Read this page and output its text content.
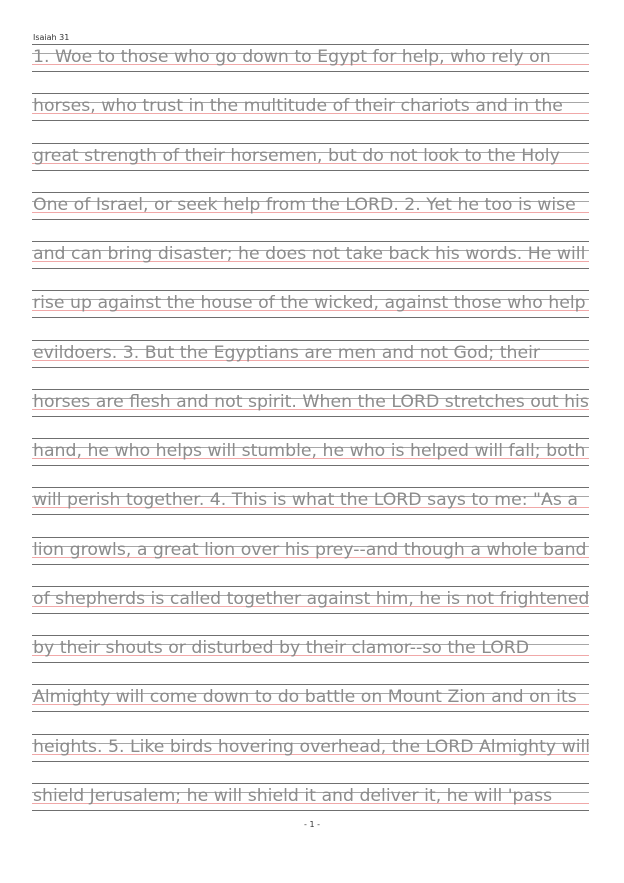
Isaiah 31
1. Woe to those who go down to Egypt for help, who rely on
horses, who trust in the multitude of their chariots and in the
great strength of their horsemen, but do not look to the Holy
One of Israel, or seek help from the LORD. 2. Yet he too is wise
and can bring disaster; he does not take back his words. He will
rise up against the house of the wicked, against those who help
evildoers. 3. But the Egyptians are men and not God; their
horses are flesh and not spirit. When the LORD stretches out his
hand, he who helps will stumble, he who is helped will fall; both
will perish together. 4. This is what the LORD says to me: "As a
lion growls, a great lion over his prey--and though a whole band
of shepherds is called together against him, he is not frightened
by their shouts or disturbed by their clamor--so the LORD
Almighty will come down to do battle on Mount Zion and on its
heights. 5. Like birds hovering overhead, the LORD Almighty will
shield Jerusalem; he will shield it and deliver it, he will 'pass
- 1 -
